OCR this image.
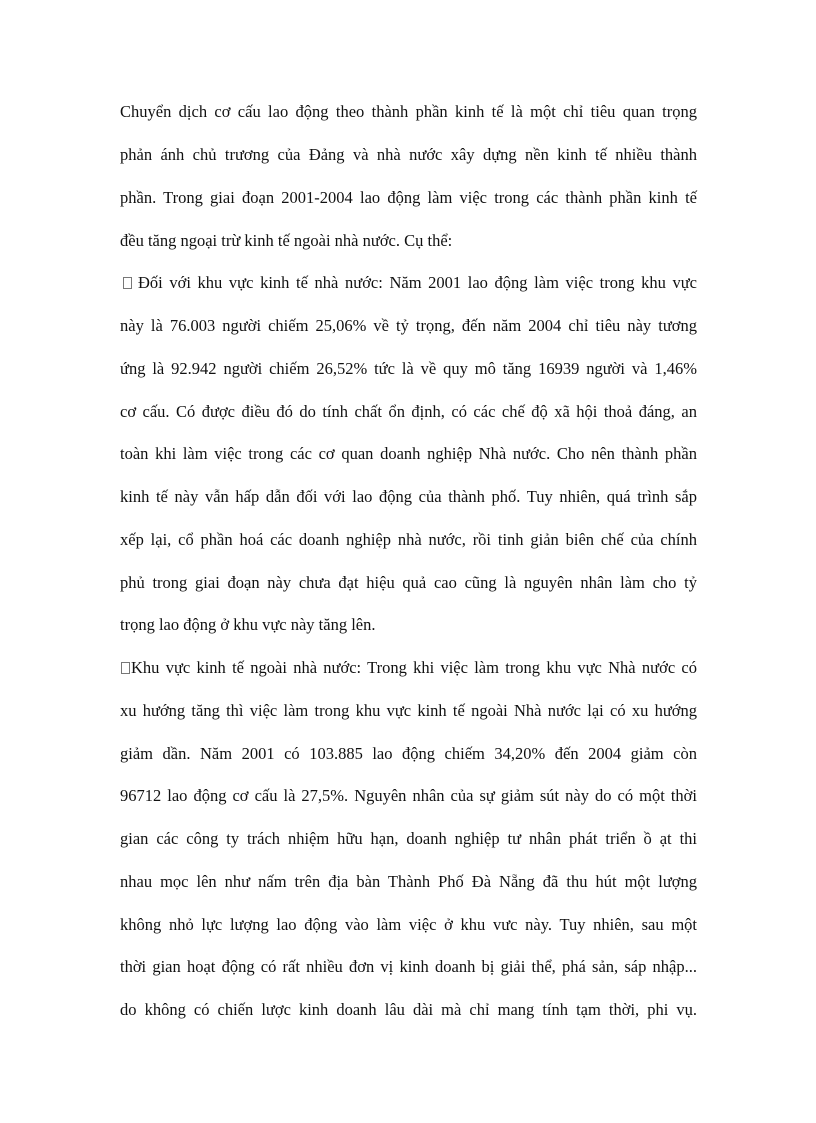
Chuyển dịch cơ cấu lao động theo thành phần kinh tế là một chỉ tiêu quan trọng
phản ánh chủ trương của Đảng và nhà nước xây dựng nền kinh tế nhiều thành
phần. Trong giai đoạn 2001-2004 lao động làm việc trong các thành phần kinh tế
đều tăng ngoại trừ kinh tế ngoài nhà nước. Cụ thể:
Đối với khu vực kinh tế nhà nước: Năm 2001 lao động làm việc trong khu vực
này là 76.003 người chiếm 25,06% về tỷ trọng, đến năm 2004 chỉ tiêu này tương
ứng là 92.942 người chiếm 26,52% tức là về quy mô tăng 16939 người và 1,46%
cơ cấu. Có được điều đó do tính chất ổn định, có các chế độ xã hội thoả đáng, an
toàn khi làm việc trong các cơ quan doanh nghiệp Nhà nước. Cho nên thành phần
kinh tế này vẫn hấp dẫn đối với lao động của thành phố. Tuy nhiên, quá trình sắp
xếp lại, cổ phần hoá các doanh nghiệp nhà nước, rồi tinh giản biên chế của chính
phủ trong giai đoạn này chưa đạt hiệu quả cao cũng là nguyên nhân làm cho tỷ
trọng lao động ở khu vực này tăng lên.
Khu vực kinh tế ngoài nhà nước: Trong khi việc làm trong khu vực Nhà nước có
xu hướng tăng thì việc làm trong khu vực kinh tế ngoài Nhà nước lại có xu hướng
giảm dần. Năm 2001 có 103.885 lao động chiếm 34,20% đến 2004 giảm còn
96712 lao động cơ cấu là 27,5%. Nguyên nhân của sự giảm sút này do có một thời
gian các công ty trách nhiệm hữu hạn, doanh nghiệp tư nhân phát triển ồ ạt thi
nhau mọc lên như nấm trên địa bàn Thành Phố Đà Nẵng đã thu hút một lượng
không nhỏ lực lượng lao động vào làm việc ở khu vưc này. Tuy nhiên, sau một
thời gian hoạt động có rất nhiều đơn vị kinh doanh bị giải thể, phá sản, sáp nhập...
do không có chiến lược kinh doanh lâu dài mà chỉ mang tính tạm thời, phi vụ.
